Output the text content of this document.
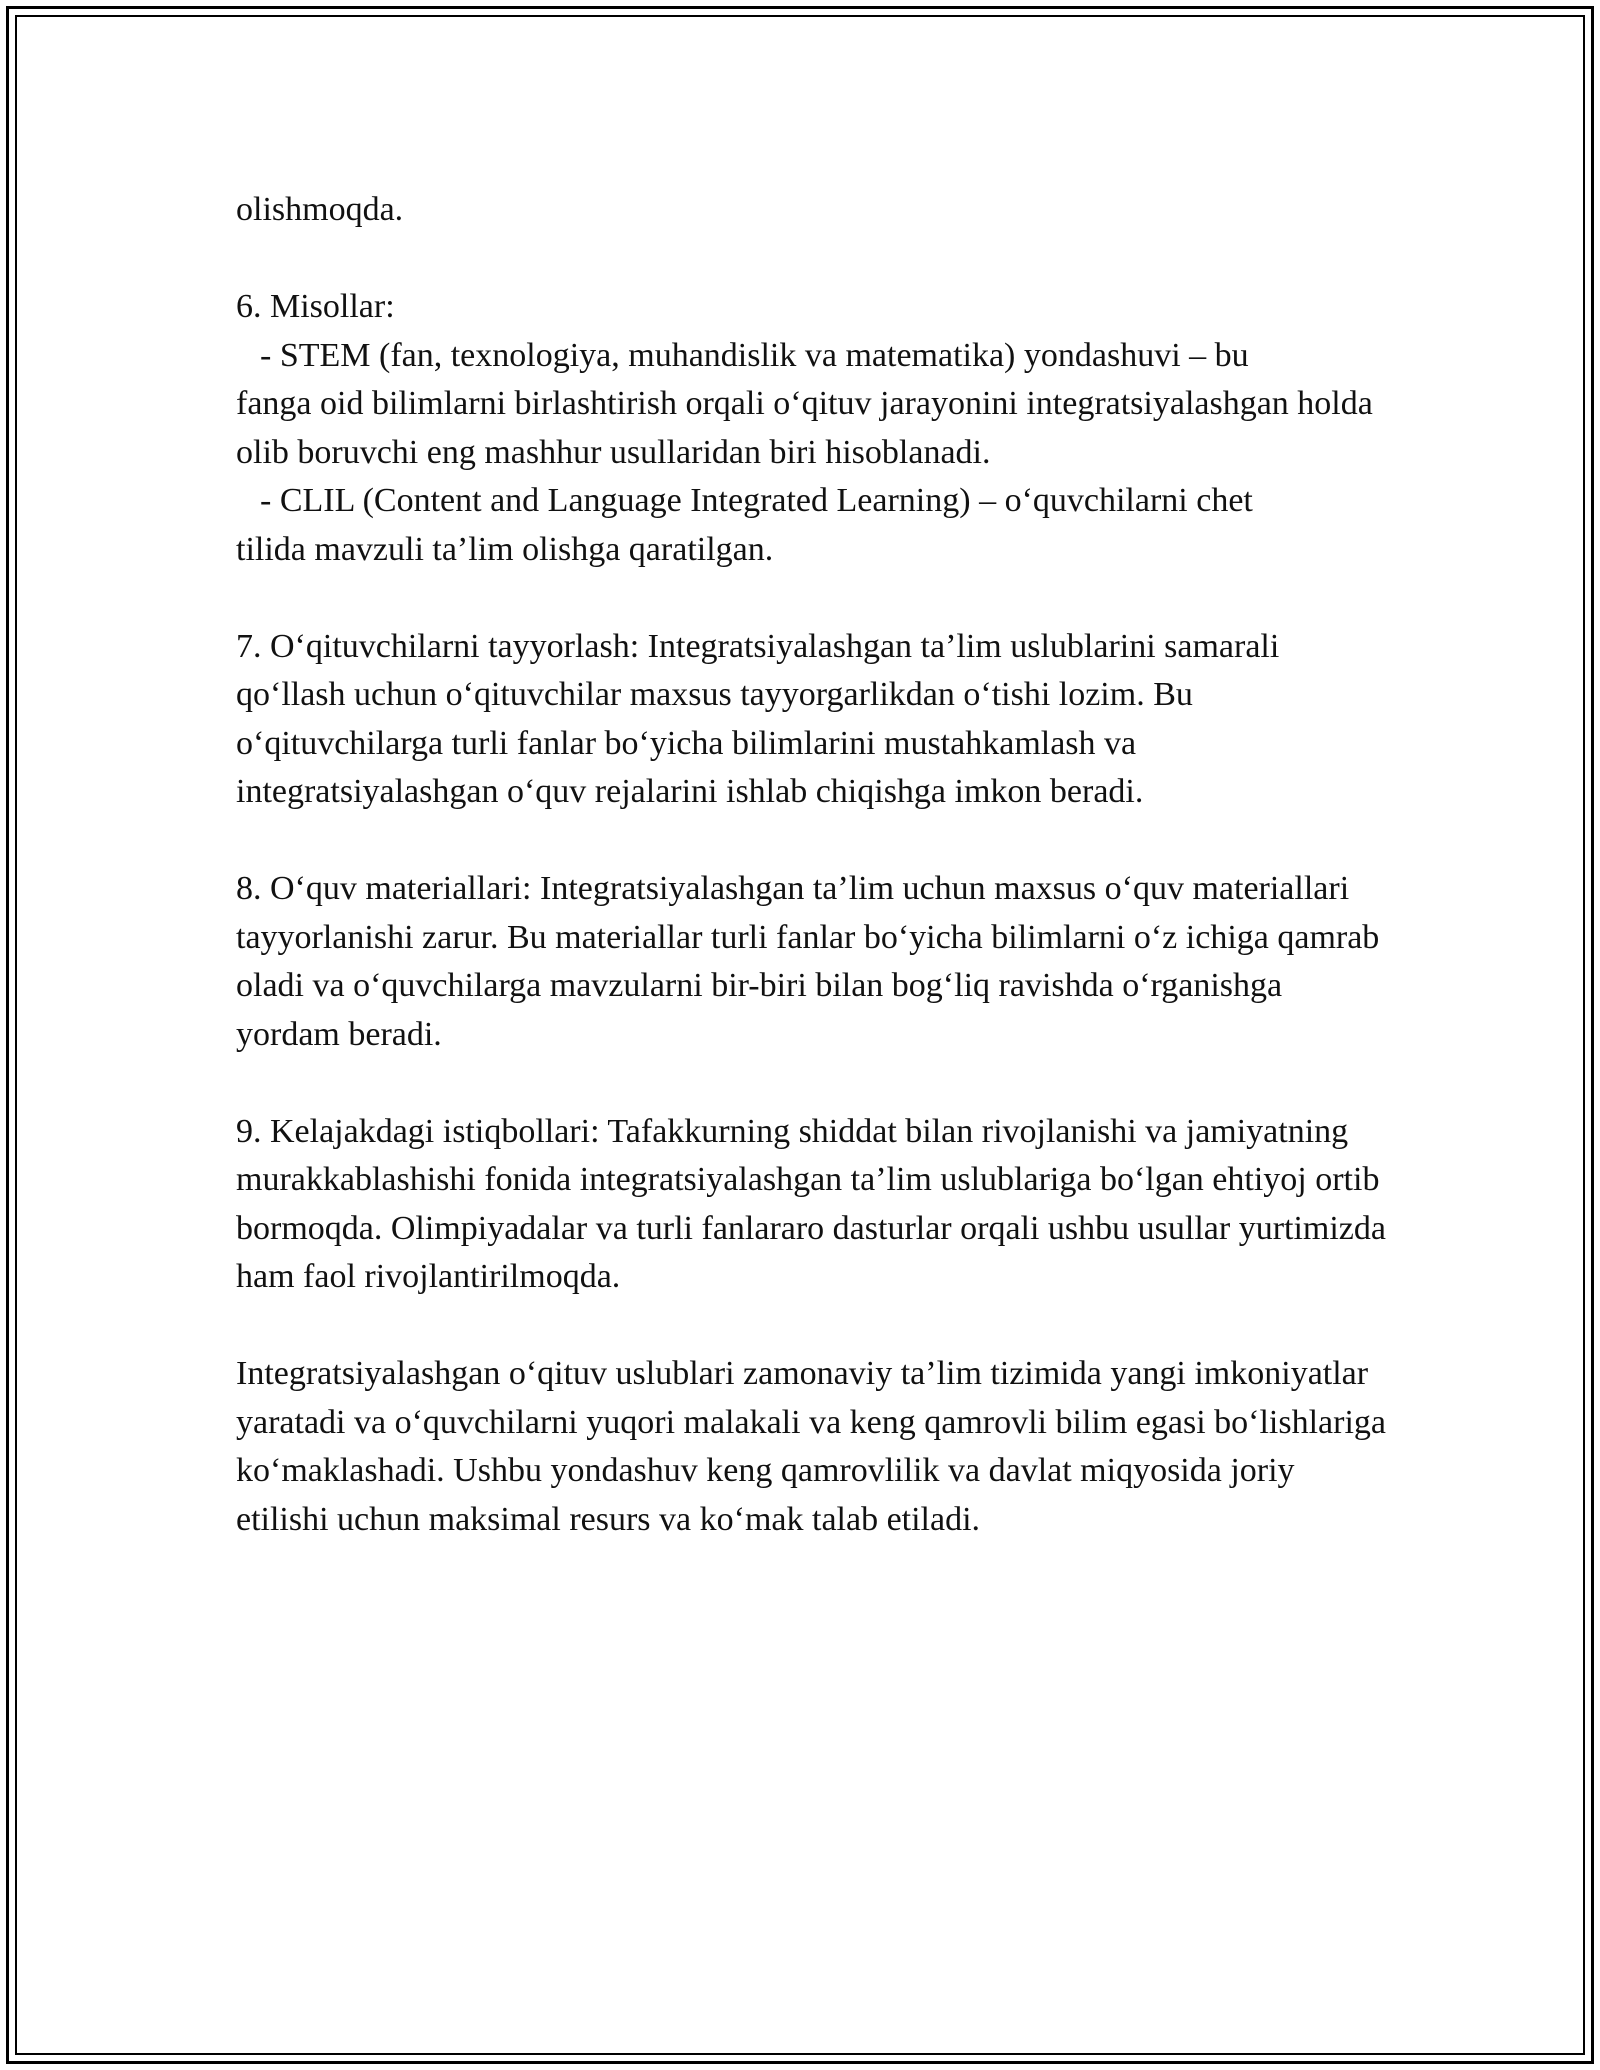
olishmoqda.

6. Misollar:

- STEM (fan, texnologiya, muhandislik va matematika) yondashuvi – bu

fanga oid bilimlarni birlashtirish orqali o‘qituv jarayonini integratsiyalashgan holda olib boruvchi eng mashhur usullaridan biri hisoblanadi.

- CLIL (Content and Language Integrated Learning) – o‘quvchilarni chet

tilida mavzuli ta’lim olishga qaratilgan.

7. O‘qituvchilarni tayyorlash: Integratsiyalashgan ta’lim uslublarini samarali qo‘llash uchun o‘qituvchilar maxsus tayyorgarlikdan o‘tishi lozim. Bu o‘qituvchilarga turli fanlar bo‘yicha bilimlarini mustahkamlash va integratsiyalashgan o‘quv rejalarini ishlab chiqishga imkon beradi.

8. O‘quv materiallari: Integratsiyalashgan ta’lim uchun maxsus o‘quv materiallari tayyorlanishi zarur. Bu materiallar turli fanlar bo‘yicha bilimlarni o‘z ichiga qamrab oladi va o‘quvchilarga mavzularni bir-biri bilan bog‘liq ravishda o‘rganishga yordam beradi.

9. Kelajakdagi istiqbollari: Tafakkurning shiddat bilan rivojlanishi va jamiyatning murakkablashishi fonida integratsiyalashgan ta’lim uslublariga bo‘lgan ehtiyoj ortib bormoqda. Olimpiyadalar va turli fanlararo dasturlar orqali ushbu usullar yurtimizda ham faol rivojlantirilmoqda.

Integratsiyalashgan o‘qituv uslublari zamonaviy ta’lim tizimida yangi imkoniyatlar yaratadi va o‘quvchilarni yuqori malakali va keng qamrovli bilim egasi bo‘lishlariga ko‘maklashadi. Ushbu yondashuv keng qamrovlilik va davlat miqyosida joriy etilishi uchun maksimal resurs va ko‘mak talab etiladi.
